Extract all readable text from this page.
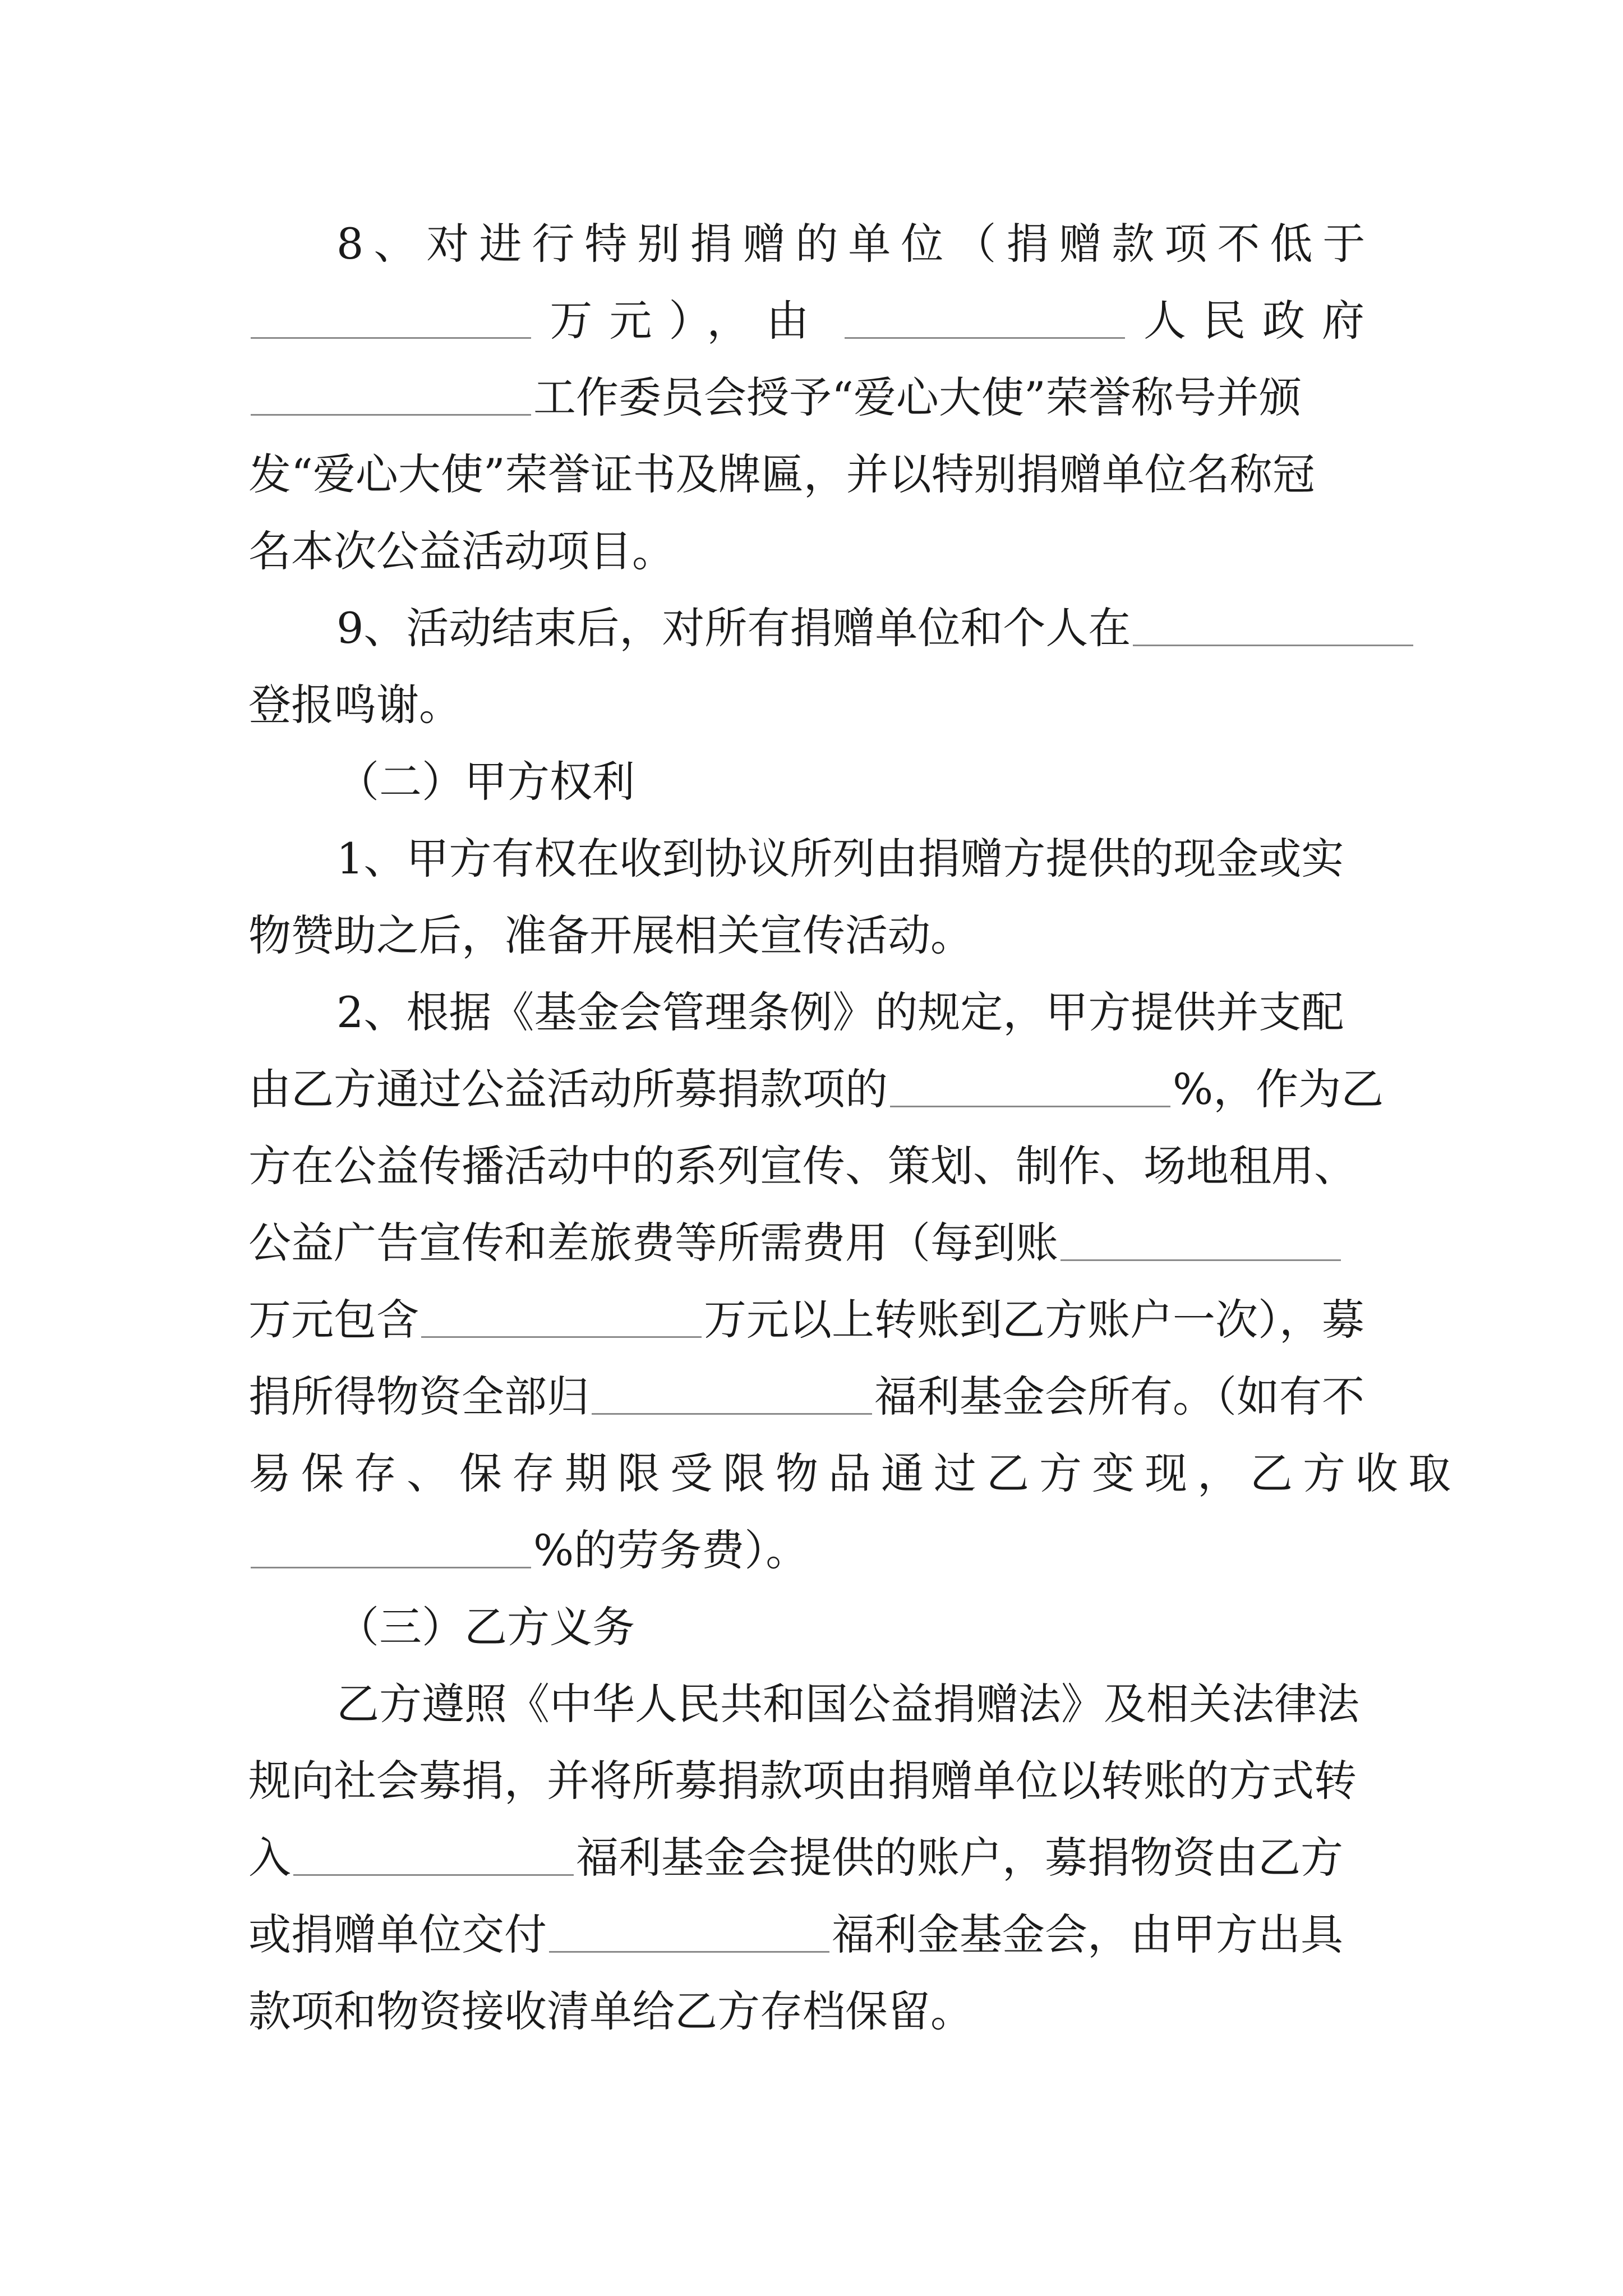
8、对进行特别捐赠的单位（捐赠款项不低于
万元），由	人民政府
工作委员会授予“爱心大使”荣誉称号并颁
发“爱心大使”荣誉证书及牌匾，并以特别捐赠单位名称冠
名本次公益活动项目。
9、活动结束后，对所有捐赠单位和个人在
登报鸣谢。
（二）甲方权利
1、甲方有权在收到协议所列由捐赠方提供的现金或实
物赞助之后，准备开展相关宣传活动。
2、根据《基金会管理条例》的规定，甲方提供并支配
由乙方通过公益活动所募捐款项的	%，作为乙
方在公益传播活动中的系列宣传、策划、制作、场地租用、
公益广告宣传和差旅费等所需费用（每到账
万元包含	万元以上转账到乙方账户一次），募
捐所得物资全部归	福利基金会所有。（如有不
易保存、保存期限受限物品通过乙方变现，乙方收取
%的劳务费）。
（三）乙方义务
乙方遵照《中华人民共和国公益捐赠法》及相关法律法
规向社会募捐，并将所募捐款项由捐赠单位以转账的方式转
入	福利基金会提供的账户，募捐物资由乙方
或捐赠单位交付	福利金基金会，由甲方出具
款项和物资接收清单给乙方存档保留。
